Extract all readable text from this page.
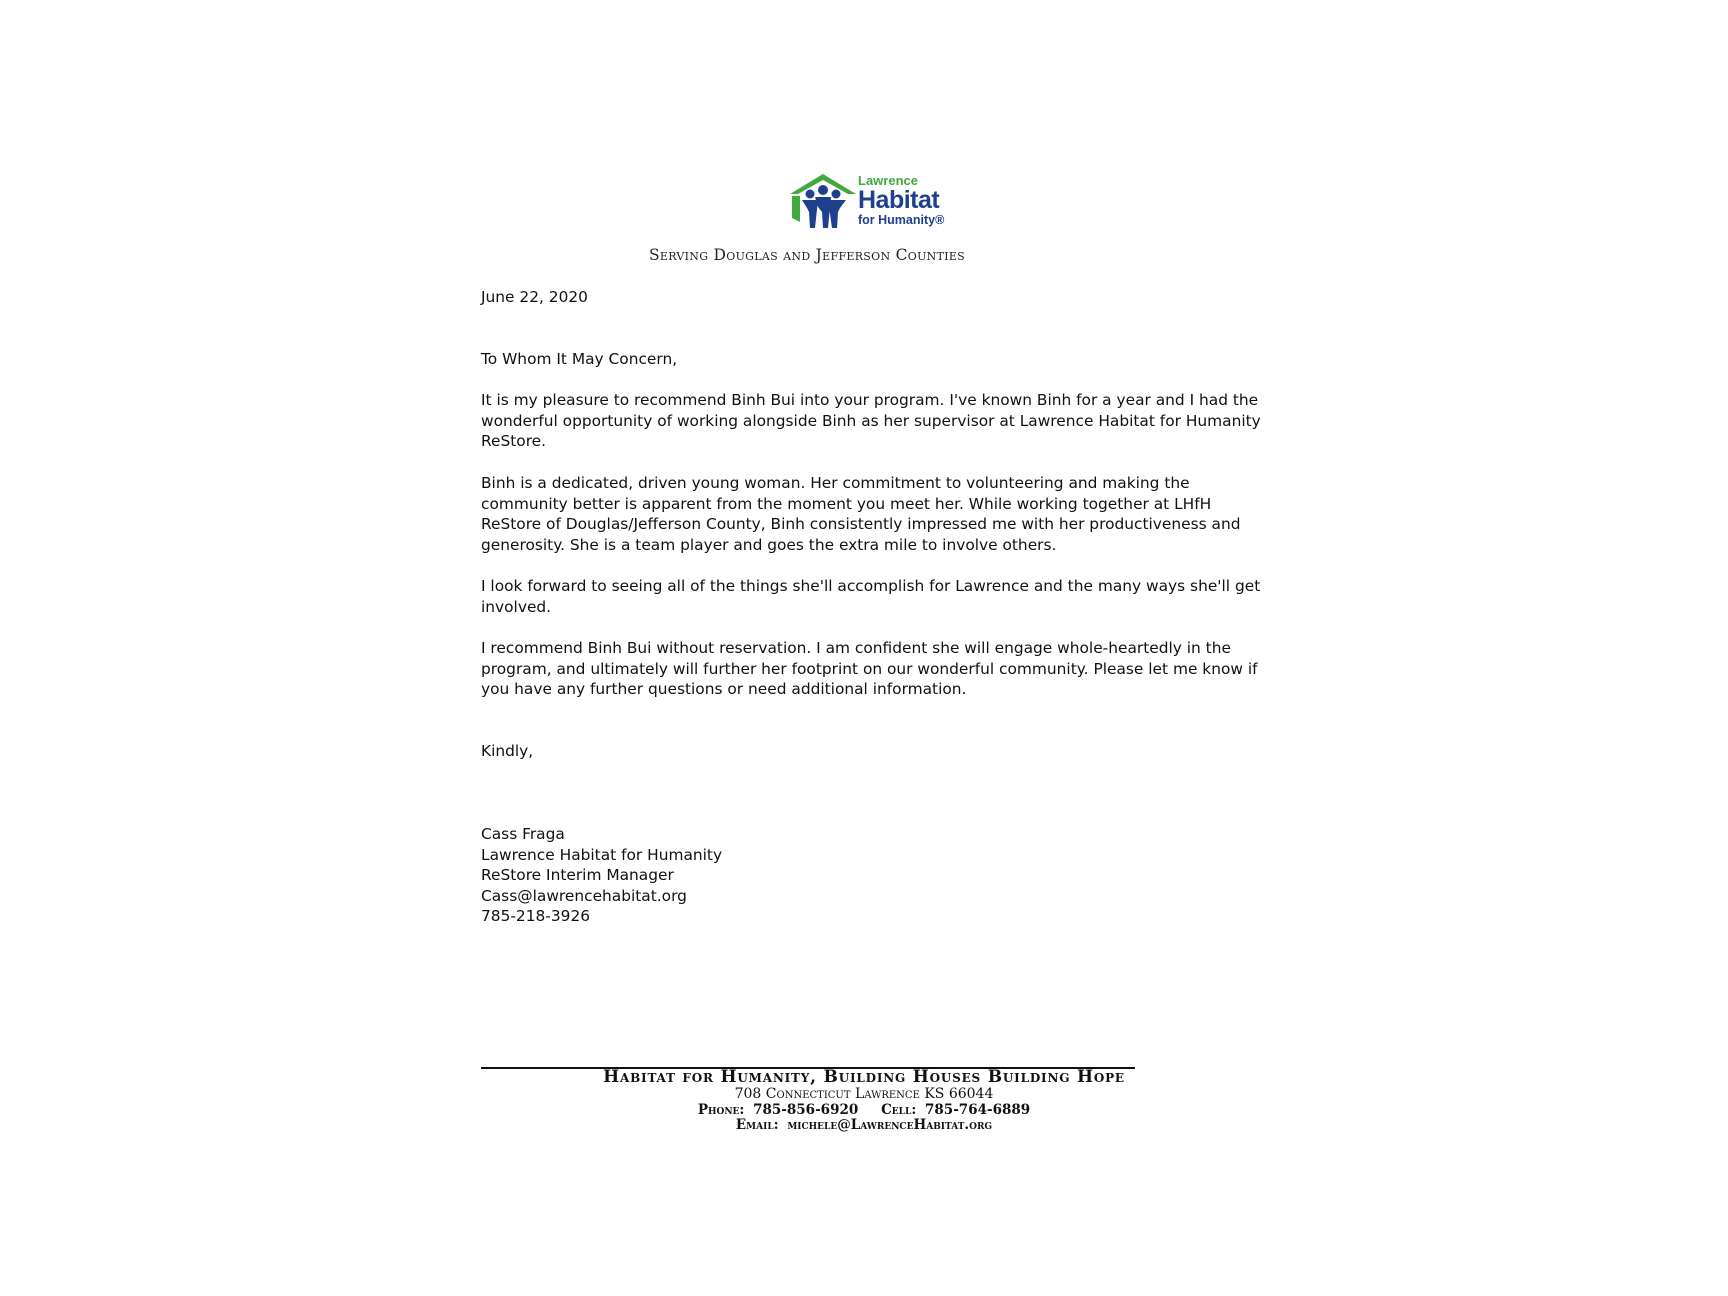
Lawrence
Habitat
for Humanity®
Serving Douglas and Jefferson Counties
June 22, 2020
To Whom It May Concern,

It is my pleasure to recommend Binh Bui into your program. I've known Binh for a year and I had the wonderful opportunity of working alongside Binh as her supervisor at Lawrence Habitat for Humanity ReStore.

Binh is a dedicated, driven young woman. Her commitment to volunteering and making the community better is apparent from the moment you meet her. While working together at LHfH ReStore of Douglas/Jefferson County, Binh consistently impressed me with her productiveness and generosity. She is a team player and goes the extra mile to involve others.

I look forward to seeing all of the things she'll accomplish for Lawrence and the many ways she'll get involved.

I recommend Binh Bui without reservation. I am confident she will engage whole-heartedly in the program, and ultimately will further her footprint on our wonderful community. Please let me know if you have any further questions or need additional information.

Kindly,
Cass Fraga
Lawrence Habitat for Humanity
ReStore Interim Manager
Cass@lawrencehabitat.org
785-218-3926
Habitat for Humanity, Building Houses Building Hope
708 Connecticut Lawrence KS 66044
Phone: 785-856-6920 Cell: 785-764-6889
Email: michele@LawrenceHabitat.org
